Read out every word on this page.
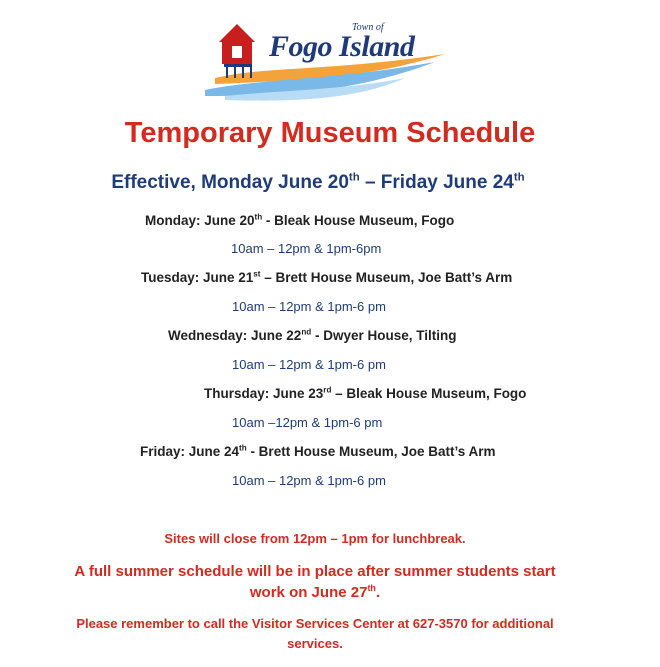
Town of
Fogo Island
Temporary Museum Schedule
Effective, Monday June 20th – Friday June 24th
Monday: June 20th - Bleak House Museum, Fogo
10am – 12pm & 1pm-6pm
Tuesday: June 21st – Brett House Museum, Joe Batt’s Arm
10am – 12pm & 1pm-6 pm
Wednesday: June 22nd - Dwyer House, Tilting
10am – 12pm & 1pm-6 pm
Thursday: June 23rd – Bleak House Museum, Fogo
10am –12pm & 1pm-6 pm
Friday: June 24th - Brett House Museum, Joe Batt’s Arm
10am – 12pm & 1pm-6 pm
Sites will close from 12pm – 1pm for lunchbreak.
A full summer schedule will be in place after summer students start
work on June 27th.
Please remember to call the Visitor Services Center at 627-3570 for additional services.
